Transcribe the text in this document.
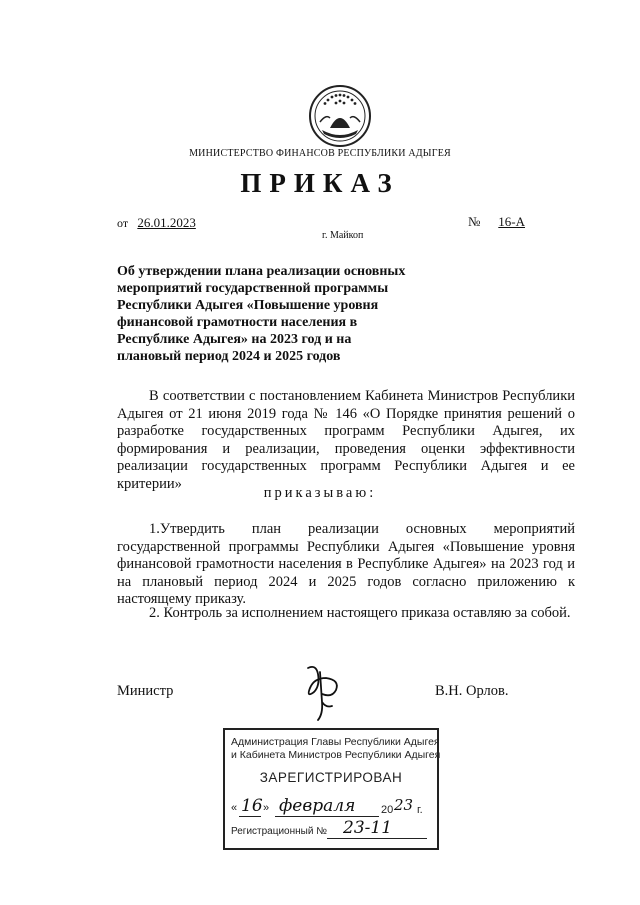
МИНИСТЕРСТВО ФИНАНСОВ РЕСПУБЛИКИ АДЫГЕЯ
ПРИКАЗ
от 26.01.2023	№ 16-А
г. Майкоп
Об утверждении плана реализации основных мероприятий государственной программы Республики Адыгея «Повышение уровня финансовой грамотности населения в Республике Адыгея» на 2023 год и на плановый период 2024 и 2025 годов
В соответствии с постановлением Кабинета Министров Республики Адыгея от 21 июня 2019 года № 146 «О Порядке принятия решений о разработке государственных программ Республики Адыгея, их формирования и реализации, проведения оценки эффективности реализации государственных программ Республики Адыгея и ее критерии»
приказываю:
1.Утвердить план реализации основных мероприятий государственной программы Республики Адыгея «Повышение уровня финансовой грамотности населения в Республике Адыгея» на 2023 год и на плановый период 2024 и 2025 годов согласно приложению к настоящему приказу.
2. Контроль за исполнением настоящего приказа оставляю за собой.
Министр	В.Н. Орлов.
Администрация Главы Республики Адыгея
и Кабинета Министров Республики Адыгея
ЗАРЕГИСТРИРОВАН
« 16 » февраля 20 23 г.
Регистрационный № 23-11
